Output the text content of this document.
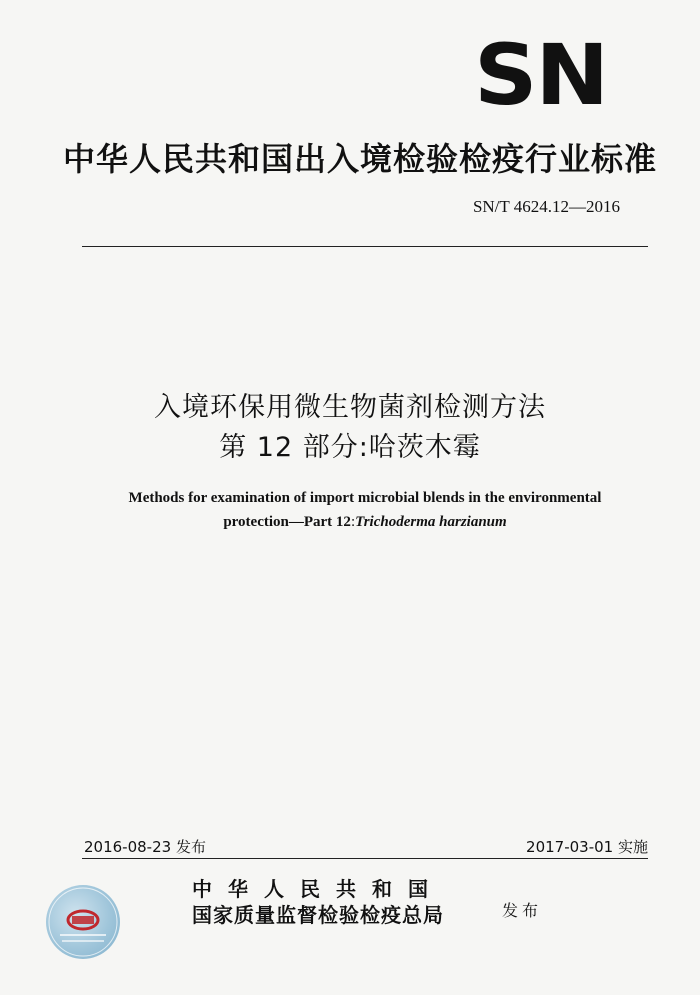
SN
中华人民共和国出入境检验检疫行业标准
SN/T 4624.12—2016
入境环保用微生物菌剂检测方法
第 12 部分:哈茨木霉
Methods for examination of import microbial blends in the environmental
protection—Part 12:Trichoderma harzianum
2016-08-23 发布	2017-03-01 实施
中华人民共和国
国家质量监督检验检疫总局	发布
